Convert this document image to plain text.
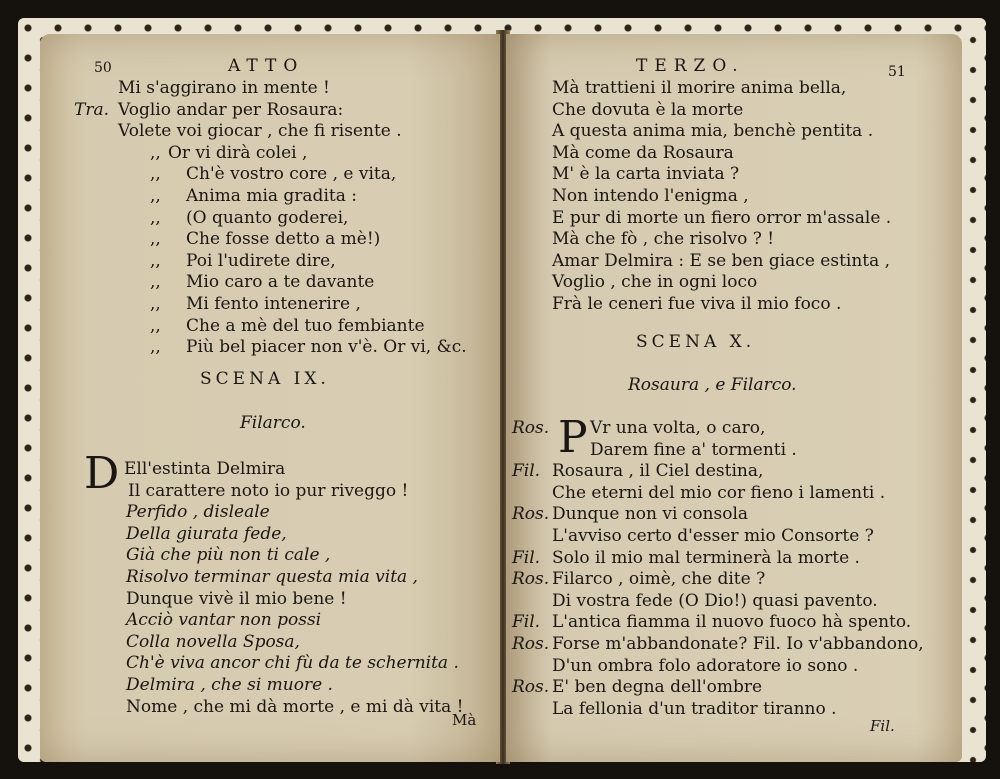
50	ATTO
Mi s'aggirano in mente !
Tra. Voglio andar per Rosaura:
Volete voi giocar , che fi risente .
,, Or vi dirà colei ,
,, Ch'è vostro core , e vita,
,, Anima mia gradita :
,, (O quanto goderei,
,, Che fosse detto a mè!)
,, Poi l'udirete dire,
,, Mio caro a te davante
,, Mi fento intenerire ,
,, Che a mè del tuo fembiante
,, Più bel piacer non v'è. Or vi, &c.
SCENA IX.
Filarco.
D Ell'estinta Delmira
Il carattere noto io pur riveggo !
Perfido , disleale
Della giurata fede,
Già che più non ti cale ,
Risolvo terminar questa mia vita ,
Dunque vivè il mio bene !
Acciò vantar non possi
Colla novella Sposa,
Ch'è viva ancor chi fù da te schernita .
Delmira , che si muore .
Nome , che mi dà morte , e mi dà vita !
Mà
TERZO.	51
Mà trattieni il morire anima bella,
Che dovuta è la morte
A questa anima mia, benchè pentita .
Mà come da Rosaura
M' è la carta inviata ?
Non intendo l'enigma ,
E pur di morte un fiero orror m'assale .
Mà che fò , che risolvo ? !
Amar Delmira : E se ben giace estinta ,
Voglio , che in ogni loco
Frà le ceneri fue viva il mio foco .
SCENA X.
Rosaura , e Filarco.
P
Ros. Vr una volta, o caro,
Darem fine a' tormenti .
Fil. Rosaura , il Ciel destina,
Che eterni del mio cor fieno i lamenti .
Ros. Dunque non vi consola
L'avviso certo d'esser mio Consorte ?
Fil. Solo il mio mal terminerà la morte .
Ros. Filarco , oimè, che dite ?
Di vostra fede (O Dio!) quasi pavento.
Fil. L'antica fiamma il nuovo fuoco hà spento.
Ros. Forse m'abbandonate? Fil. Io v'abbandono,
D'un ombra folo adoratore io sono .
Ros. E' ben degna dell'ombre
La fellonia d'un traditor tiranno .
Fil.
